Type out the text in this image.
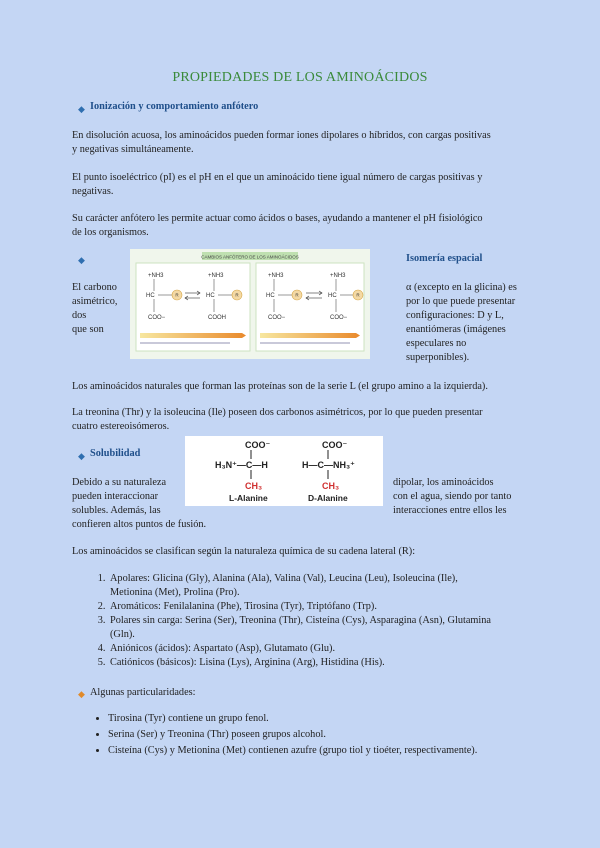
PROPIEDADES DE LOS AMINOÁCIDOS
◆ Ionización y comportamiento anfótero

En disolución acuosa, los aminoácidos pueden formar iones dipolares o híbridos, con cargas positivas

y negativas simultáneamente.

El punto isoeléctrico (pI) es el pH en el que un aminoácido tiene igual número de cargas positivas y

negativas.

Su carácter anfótero les permite actuar como ácidos o bases, ayudando a mantener el pH fisiológico

de los organismos.

◆	Isomería espacial

El carbono

asimétrico,

dos

que son

α (excepto en la glicina) es

por lo que puede presentar

configuraciones: D y L,

enantiómeras (imágenes

especulares no

superponibles).

CAMBIOS ANFÓTERO DE LOS AMINOÁCIDOS
+NH3
HC
COO−
+NH3
HC
COOH
+NH3
HC
COO−
+NH3
HC
COO−
R	R	R	R

Los aminoácidos naturales que forman las proteínas son de la serie L (el grupo amino a la izquierda).

La treonina (Thr) y la isoleucina (Ile) poseen dos carbonos asimétricos, por lo que pueden presentar

cuatro estereoisómeros.

◆ Solubilidad

Debido a su naturaleza

pueden interaccionar

solubles. Además, las

confieren altos puntos de fusión.

dipolar, los aminoácidos

con el agua, siendo por tanto

interacciones entre ellos les

COO⁻	COO⁻
H₃N⁺—C—H	H—C—NH₃⁺
CH₃	CH₃
L-Alanine	D-Alanine

Los aminoácidos se clasifican según la naturaleza química de su cadena lateral (R):

1. Apolares: Glicina (Gly), Alanina (Ala), Valina (Val), Leucina (Leu), Isoleucina (Ile),
Metionina (Met), Prolina (Pro).
2. Aromáticos: Fenilalanina (Phe), Tirosina (Tyr), Triptófano (Trp).
3. Polares sin carga: Serina (Ser), Treonina (Thr), Cisteína (Cys), Asparagina (Asn), Glutamina
(Gln).
4. Aniónicos (ácidos): Aspartato (Asp), Glutamato (Glu).
5. Catiónicos (básicos): Lisina (Lys), Arginina (Arg), Histidina (His).
◆ Algunas particularidades:

• Tirosina (Tyr) contiene un grupo fenol.
• Serina (Ser) y Treonina (Thr) poseen grupos alcohol.
• Cisteína (Cys) y Metionina (Met) contienen azufre (grupo tiol y tioéter, respectivamente).
